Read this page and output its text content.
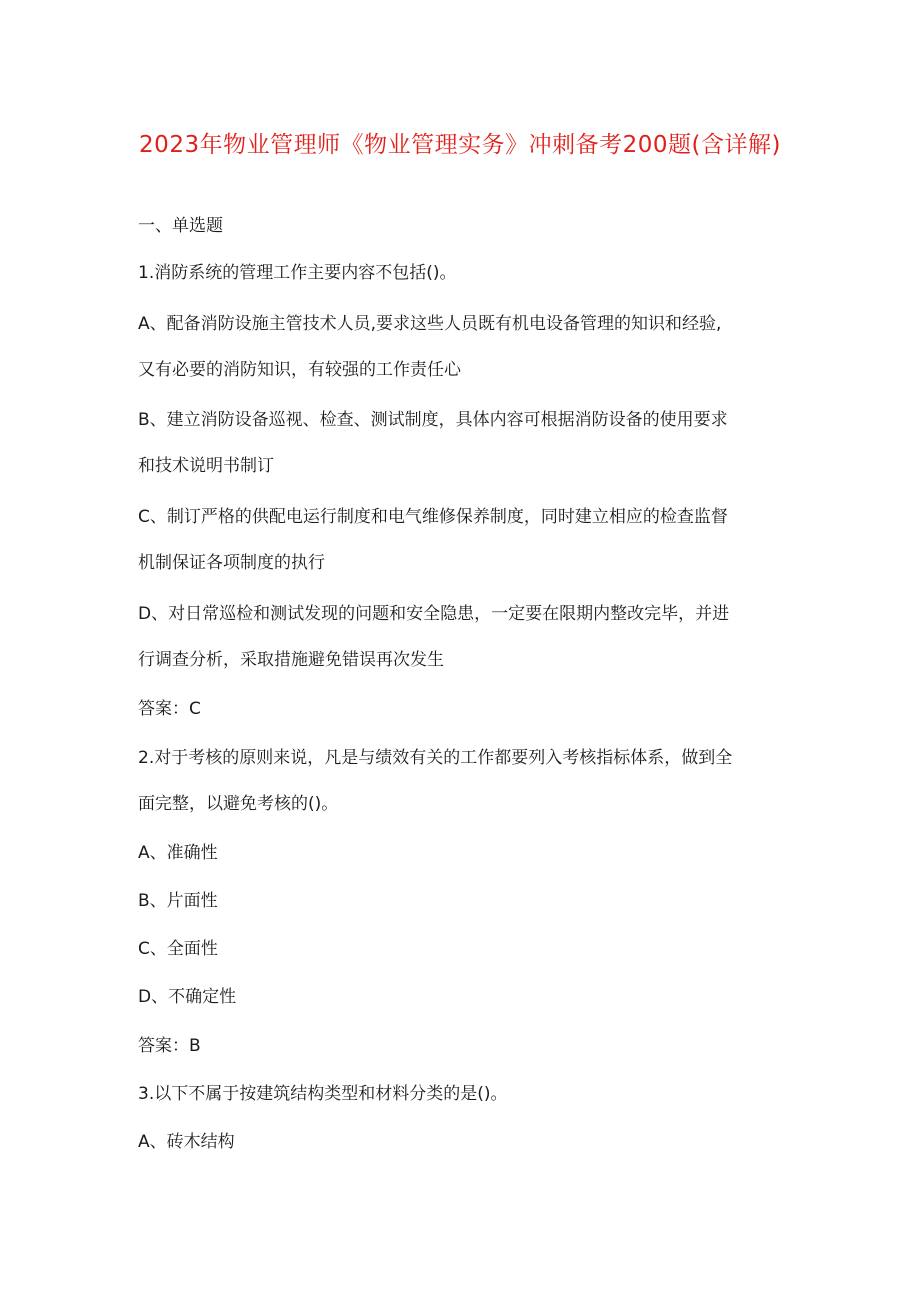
2023年物业管理师《物业管理实务》冲刺备考200题(含详解)
一、单选题
1.消防系统的管理工作主要内容不包括()。
A、配备消防设施主管技术人员,要求这些人员既有机电设备管理的知识和经验,
又有必要的消防知识，有较强的工作责任心
B、建立消防设备巡视、检查、测试制度，具体内容可根据消防设备的使用要求
和技术说明书制订
C、制订严格的供配电运行制度和电气维修保养制度，同时建立相应的检查监督
机制保证各项制度的执行
D、对日常巡检和测试发现的问题和安全隐患，一定要在限期内整改完毕，并进
行调查分析，采取措施避免错误再次发生
答案：C
2.对于考核的原则来说，凡是与绩效有关的工作都要列入考核指标体系，做到全
面完整，以避免考核的()。
A、准确性
B、片面性
C、全面性
D、不确定性
答案：B
3.以下不属于按建筑结构类型和材料分类的是()。
A、砖木结构
